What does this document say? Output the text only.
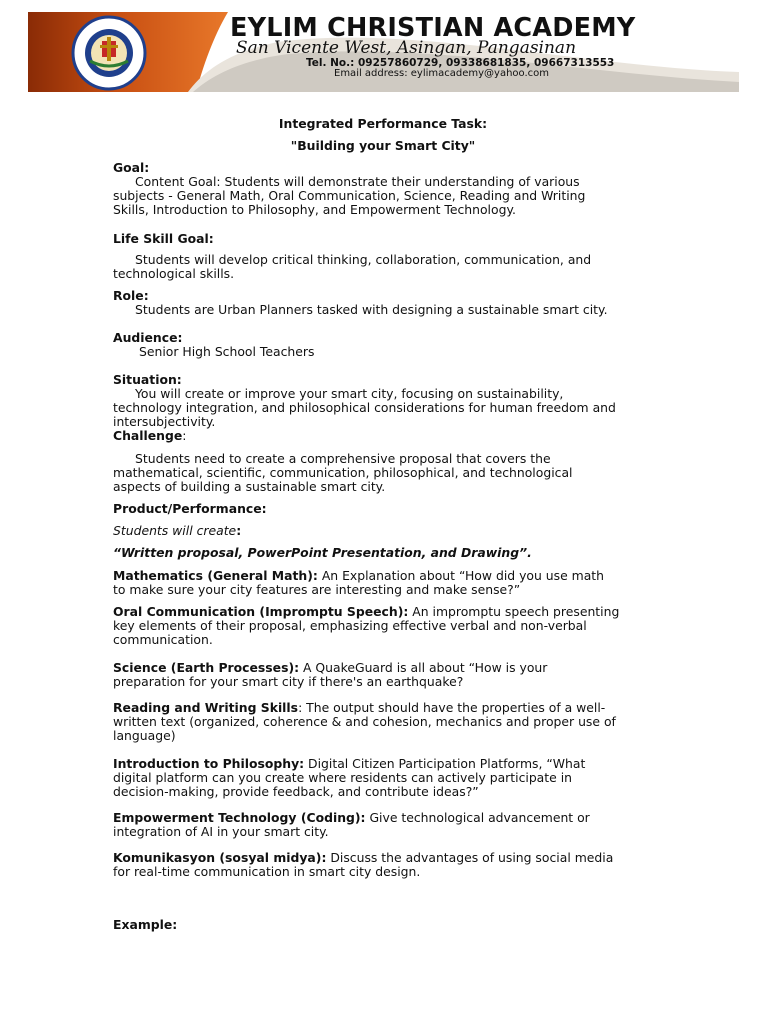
EYLIM CHRISTIAN ACADEMY
San Vicente West, Asingan, Pangasinan
Tel. No.: 09257860729, 09338681835, 09667313553
Email address: eylimacademy@yahoo.com
Integrated Performance Task:
"Building your Smart City"
Goal:
Content Goal: Students will demonstrate their understanding of various
subjects - General Math, Oral Communication, Science, Reading and Writing
Skills, Introduction to Philosophy, and Empowerment Technology.
Life Skill Goal:
Students will develop critical thinking, collaboration, communication, and
technological skills.
Role:
Students are Urban Planners tasked with designing a sustainable smart city.
Audience:
Senior High School Teachers
Situation:
You will create or improve your smart city, focusing on sustainability,
technology integration, and philosophical considerations for human freedom and
intersubjectivity.
Challenge:
Students need to create a comprehensive proposal that covers the
mathematical, scientific, communication, philosophical, and technological
aspects of building a sustainable smart city.
Product/Performance:
Students will create:
“Written proposal, PowerPoint Presentation, and Drawing”.
Mathematics (General Math): An Explanation about “How did you use math
to make sure your city features are interesting and make sense?”
Oral Communication (Impromptu Speech): An impromptu speech presenting
key elements of their proposal, emphasizing effective verbal and non-verbal
communication.
Science (Earth Processes): A QuakeGuard is all about “How is your
preparation for your smart city if there's an earthquake?
Reading and Writing Skills: The output should have the properties of a well-
written text (organized, coherence & and cohesion, mechanics and proper use of
language)
Introduction to Philosophy: Digital Citizen Participation Platforms, “What
digital platform can you create where residents can actively participate in
decision-making, provide feedback, and contribute ideas?”
Empowerment Technology (Coding): Give technological advancement or
integration of AI in your smart city.
Komunikasyon (sosyal midya): Discuss the advantages of using social media
for real-time communication in smart city design.
Example:
